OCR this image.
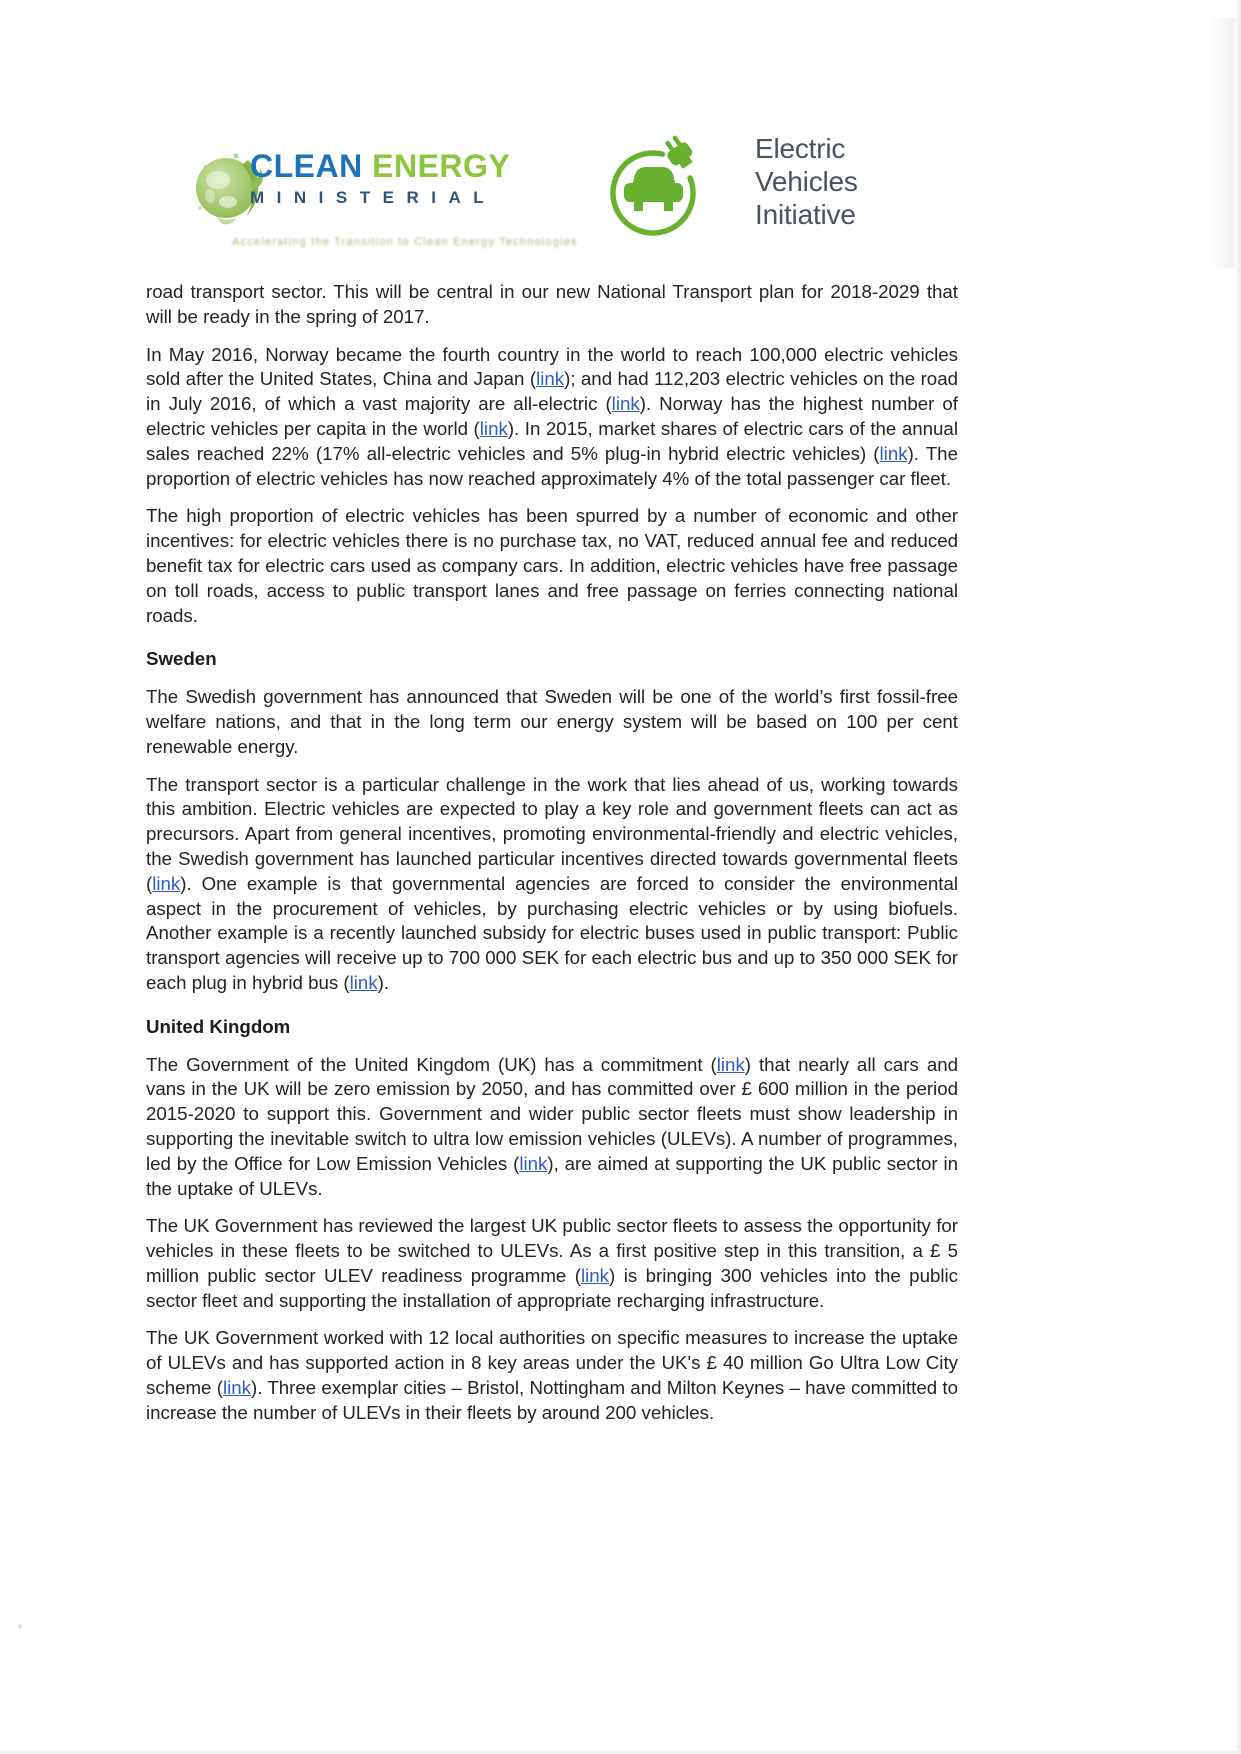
CLEAN ENERGY
MINISTERIAL
Accelerating the Transition to Clean Energy Technologies
Electric
Vehicles
Initiative

road transport sector. This will be central in our new National Transport plan for 2018-2029 that will be ready in the spring of 2017.

In May 2016, Norway became the fourth country in the world to reach 100,000 electric vehicles sold after the United States, China and Japan (link); and had 112,203 electric vehicles on the road in July 2016, of which a vast majority are all-electric (link). Norway has the highest number of electric vehicles per capita in the world (link). In 2015, market shares of electric cars of the annual sales reached 22% (17% all-electric vehicles and 5% plug-in hybrid electric vehicles) (link). The proportion of electric vehicles has now reached approximately 4% of the total passenger car fleet.

The high proportion of electric vehicles has been spurred by a number of economic and other incentives: for electric vehicles there is no purchase tax, no VAT, reduced annual fee and reduced benefit tax for electric cars used as company cars. In addition, electric vehicles have free passage on toll roads, access to public transport lanes and free passage on ferries connecting national roads.

Sweden

The Swedish government has announced that Sweden will be one of the world’s first fossil-free welfare nations, and that in the long term our energy system will be based on 100 per cent renewable energy.

The transport sector is a particular challenge in the work that lies ahead of us, working towards this ambition. Electric vehicles are expected to play a key role and government fleets can act as precursors. Apart from general incentives, promoting environmental-friendly and electric vehicles, the Swedish government has launched particular incentives directed towards governmental fleets (link). One example is that governmental agencies are forced to consider the environmental aspect in the procurement of vehicles, by purchasing electric vehicles or by using biofuels. Another example is a recently launched subsidy for electric buses used in public transport: Public transport agencies will receive up to 700 000 SEK for each electric bus and up to 350 000 SEK for each plug in hybrid bus (link).

United Kingdom

The Government of the United Kingdom (UK) has a commitment (link) that nearly all cars and vans in the UK will be zero emission by 2050, and has committed over £ 600 million in the period 2015-2020 to support this. Government and wider public sector fleets must show leadership in supporting the inevitable switch to ultra low emission vehicles (ULEVs). A number of programmes, led by the Office for Low Emission Vehicles (link), are aimed at supporting the UK public sector in the uptake of ULEVs.

The UK Government has reviewed the largest UK public sector fleets to assess the opportunity for vehicles in these fleets to be switched to ULEVs. As a first positive step in this transition, a £ 5 million public sector ULEV readiness programme (link) is bringing 300 vehicles into the public sector fleet and supporting the installation of appropriate recharging infrastructure.

The UK Government worked with 12 local authorities on specific measures to increase the uptake of ULEVs and has supported action in 8 key areas under the UK's £ 40 million Go Ultra Low City scheme (link). Three exemplar cities – Bristol, Nottingham and Milton Keynes – have committed to increase the number of ULEVs in their fleets by around 200 vehicles.
